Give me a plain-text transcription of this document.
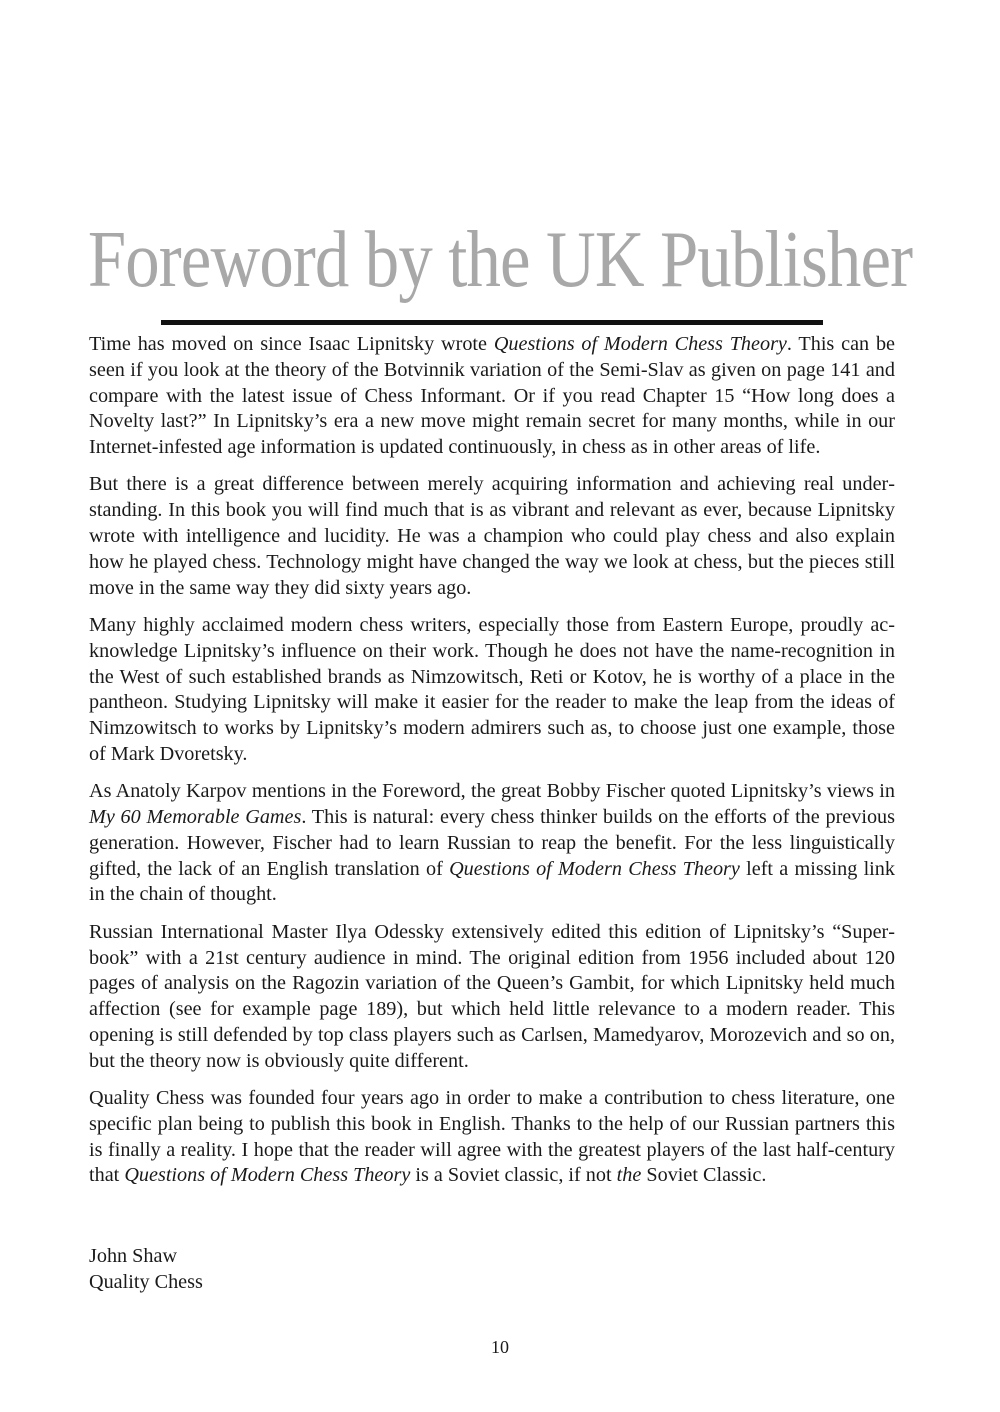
Foreword by the UK Publisher

Time has moved on since Isaac Lipnitsky wrote Questions of Modern Chess Theory. This can be seen if you look at the theory of the Botvinnik variation of the Semi-Slav as given on page 141 and compare with the latest issue of Chess Informant. Or if you read Chapter 15 “How long does a Novelty last?” In Lipnitsky’s era a new move might remain secret for many months, while in our Internet-infested age information is updated continuously, in chess as in other areas of life.

But there is a great difference between merely acquiring information and achieving real understanding. In this book you will find much that is as vibrant and relevant as ever, because Lipnitsky wrote with intelligence and lucidity. He was a champion who could play chess and also explain how he played chess. Technology might have changed the way we look at chess, but the pieces still move in the same way they did sixty years ago.

Many highly acclaimed modern chess writers, especially those from Eastern Europe, proudly acknowledge Lipnitsky’s influence on their work. Though he does not have the name-recognition in the West of such established brands as Nimzowitsch, Reti or Kotov, he is worthy of a place in the pantheon. Studying Lipnitsky will make it easier for the reader to make the leap from the ideas of Nimzowitsch to works by Lipnitsky’s modern admirers such as, to choose just one example, those of Mark Dvoretsky.

As Anatoly Karpov mentions in the Foreword, the great Bobby Fischer quoted Lipnitsky’s views in My 60 Memorable Games. This is natural: every chess thinker builds on the efforts of the previous generation. However, Fischer had to learn Russian to reap the benefit. For the less linguistically gifted, the lack of an English translation of Questions of Modern Chess Theory left a missing link in the chain of thought.

Russian International Master Ilya Odessky extensively edited this edition of Lipnitsky’s “Superbook” with a 21st century audience in mind. The original edition from 1956 included about 120 pages of analysis on the Ragozin variation of the Queen’s Gambit, for which Lipnitsky held much affection (see for example page 189), but which held little relevance to a modern reader. This opening is still defended by top class players such as Carlsen, Mamedyarov, Morozevich and so on, but the theory now is obviously quite different.

Quality Chess was founded four years ago in order to make a contribution to chess literature, one specific plan being to publish this book in English. Thanks to the help of our Russian partners this is finally a reality. I hope that the reader will agree with the greatest players of the last half-century that Questions of Modern Chess Theory is a Soviet classic, if not the Soviet Classic.

John Shaw
Quality Chess
10
